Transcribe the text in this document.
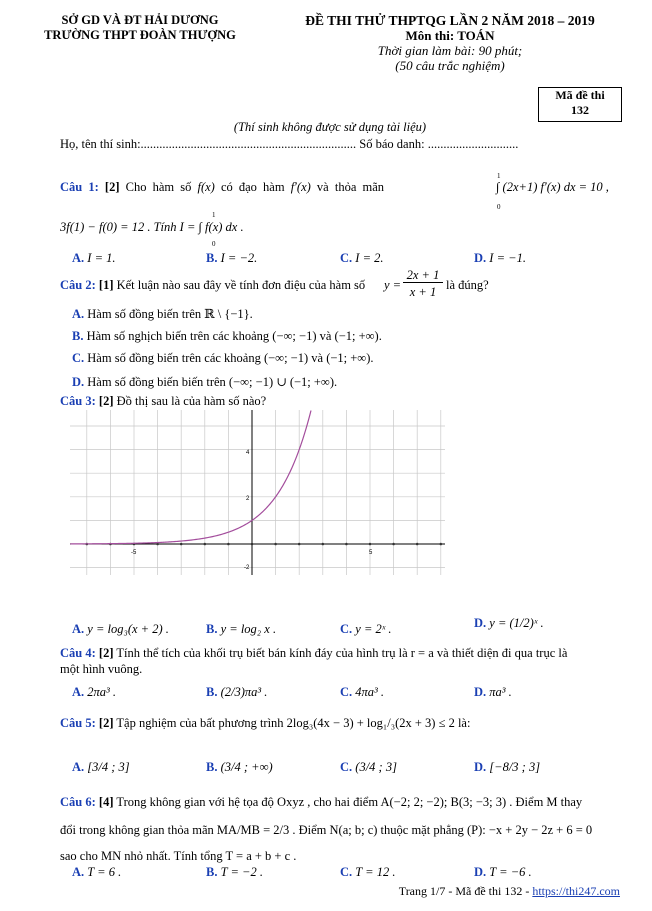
SỞ GD VÀ ĐT HẢI DƯƠNG
TRƯỜNG THPT ĐOÀN THƯỢNG
ĐỀ THI THỬ THPTQG LẦN 2 NĂM 2018 – 2019
Môn thi: TOÁN
Thời gian làm bài: 90 phút;
(50 câu trắc nghiệm)
Mã đề thi
132
(Thí sinh không được sử dụng tài liệu)
Họ, tên thí sinh:..................................................................... Số báo danh: .............................
Câu 1: [2] Cho hàm số f(x) có đạo hàm f′(x) và thỏa mãn
1
0
∫ (2x+1) f′(x) dx = 10 ,
3f(1) − f(0) = 12 . Tính I = ∫ f(x) dx .
1
0
A. I = 1.	B. I = −2.	C. I = 2.	D. I = −1.
Câu 2: [1] Kết luận nào sau đây về tính đơn điệu của hàm số y =
2x + 1
x + 1 là đúng?
A. Hàm số đồng biến trên ℝ \ {−1}.
B. Hàm số nghịch biến trên các khoảng (−∞; −1) và (−1; +∞).
C. Hàm số đồng biến trên các khoảng (−∞; −1) và (−1; +∞).
D. Hàm số đồng biến biến trên (−∞; −1) ∪ (−1; +∞).
Câu 3: [2] Đồ thị sau là của hàm số nào?
4
2
-2
-5	5
A. y = log₃(x + 2) .	B. y = log₂ x .	C. y = 2ˣ .	D. y = (1/2)ˣ .
Câu 4: [2] Tính thể tích của khối trụ biết bán kính đáy của hình trụ là r = a và thiết diện đi qua trục là
một hình vuông.
A. 2πa³ .	B. (2/3)πa³ .	C. 4πa³ .	D. πa³ .
Câu 5: [2] Tập nghiệm của bất phương trình 2log₃(4x − 3) + log₁/₃(2x + 3) ≤ 2 là:
A. [3/4 ; 3]	B. (3/4 ; +∞)	C. (3/4 ; 3]	D. [−8/3 ; 3]
Câu 6: [4] Trong không gian với hệ tọa độ Oxyz , cho hai điểm A(−2; 2; −2); B(3; −3; 3) . Điểm M thay
đổi trong không gian thỏa mãn MA/MB = 2/3 . Điểm N(a; b; c) thuộc mặt phẳng (P): −x + 2y − 2z + 6 = 0
sao cho MN nhỏ nhất. Tính tổng T = a + b + c .
A. T = 6 .	B. T = −2 .	C. T = 12 .	D. T = −6 .
Trang 1/7 - Mã đề thi 132 - https://thi247.com
